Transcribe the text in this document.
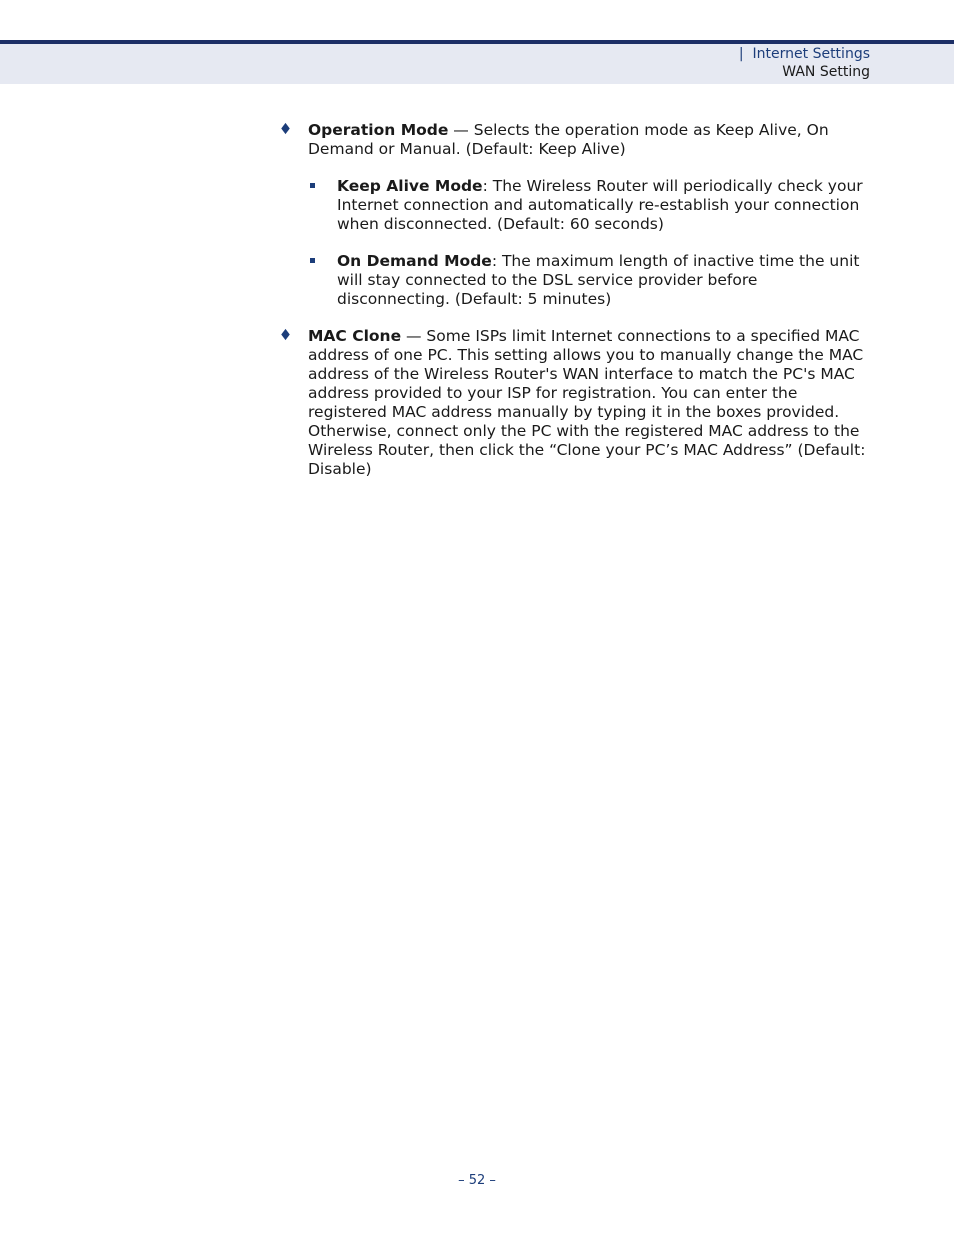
| Internet Settings
WAN Setting
Operation Mode — Selects the operation mode as Keep Alive, On Demand or Manual. (Default: Keep Alive)
Keep Alive Mode: The Wireless Router will periodically check your Internet connection and automatically re-establish your connection when disconnected. (Default: 60 seconds)
On Demand Mode: The maximum length of inactive time the unit will stay connected to the DSL service provider before disconnecting. (Default: 5 minutes)
MAC Clone — Some ISPs limit Internet connections to a specified MAC address of one PC. This setting allows you to manually change the MAC address of the Wireless Router's WAN interface to match the PC's MAC address provided to your ISP for registration. You can enter the registered MAC address manually by typing it in the boxes provided. Otherwise, connect only the PC with the registered MAC address to the Wireless Router, then click the “Clone your PC’s MAC Address” (Default: Disable)
– 52 –
